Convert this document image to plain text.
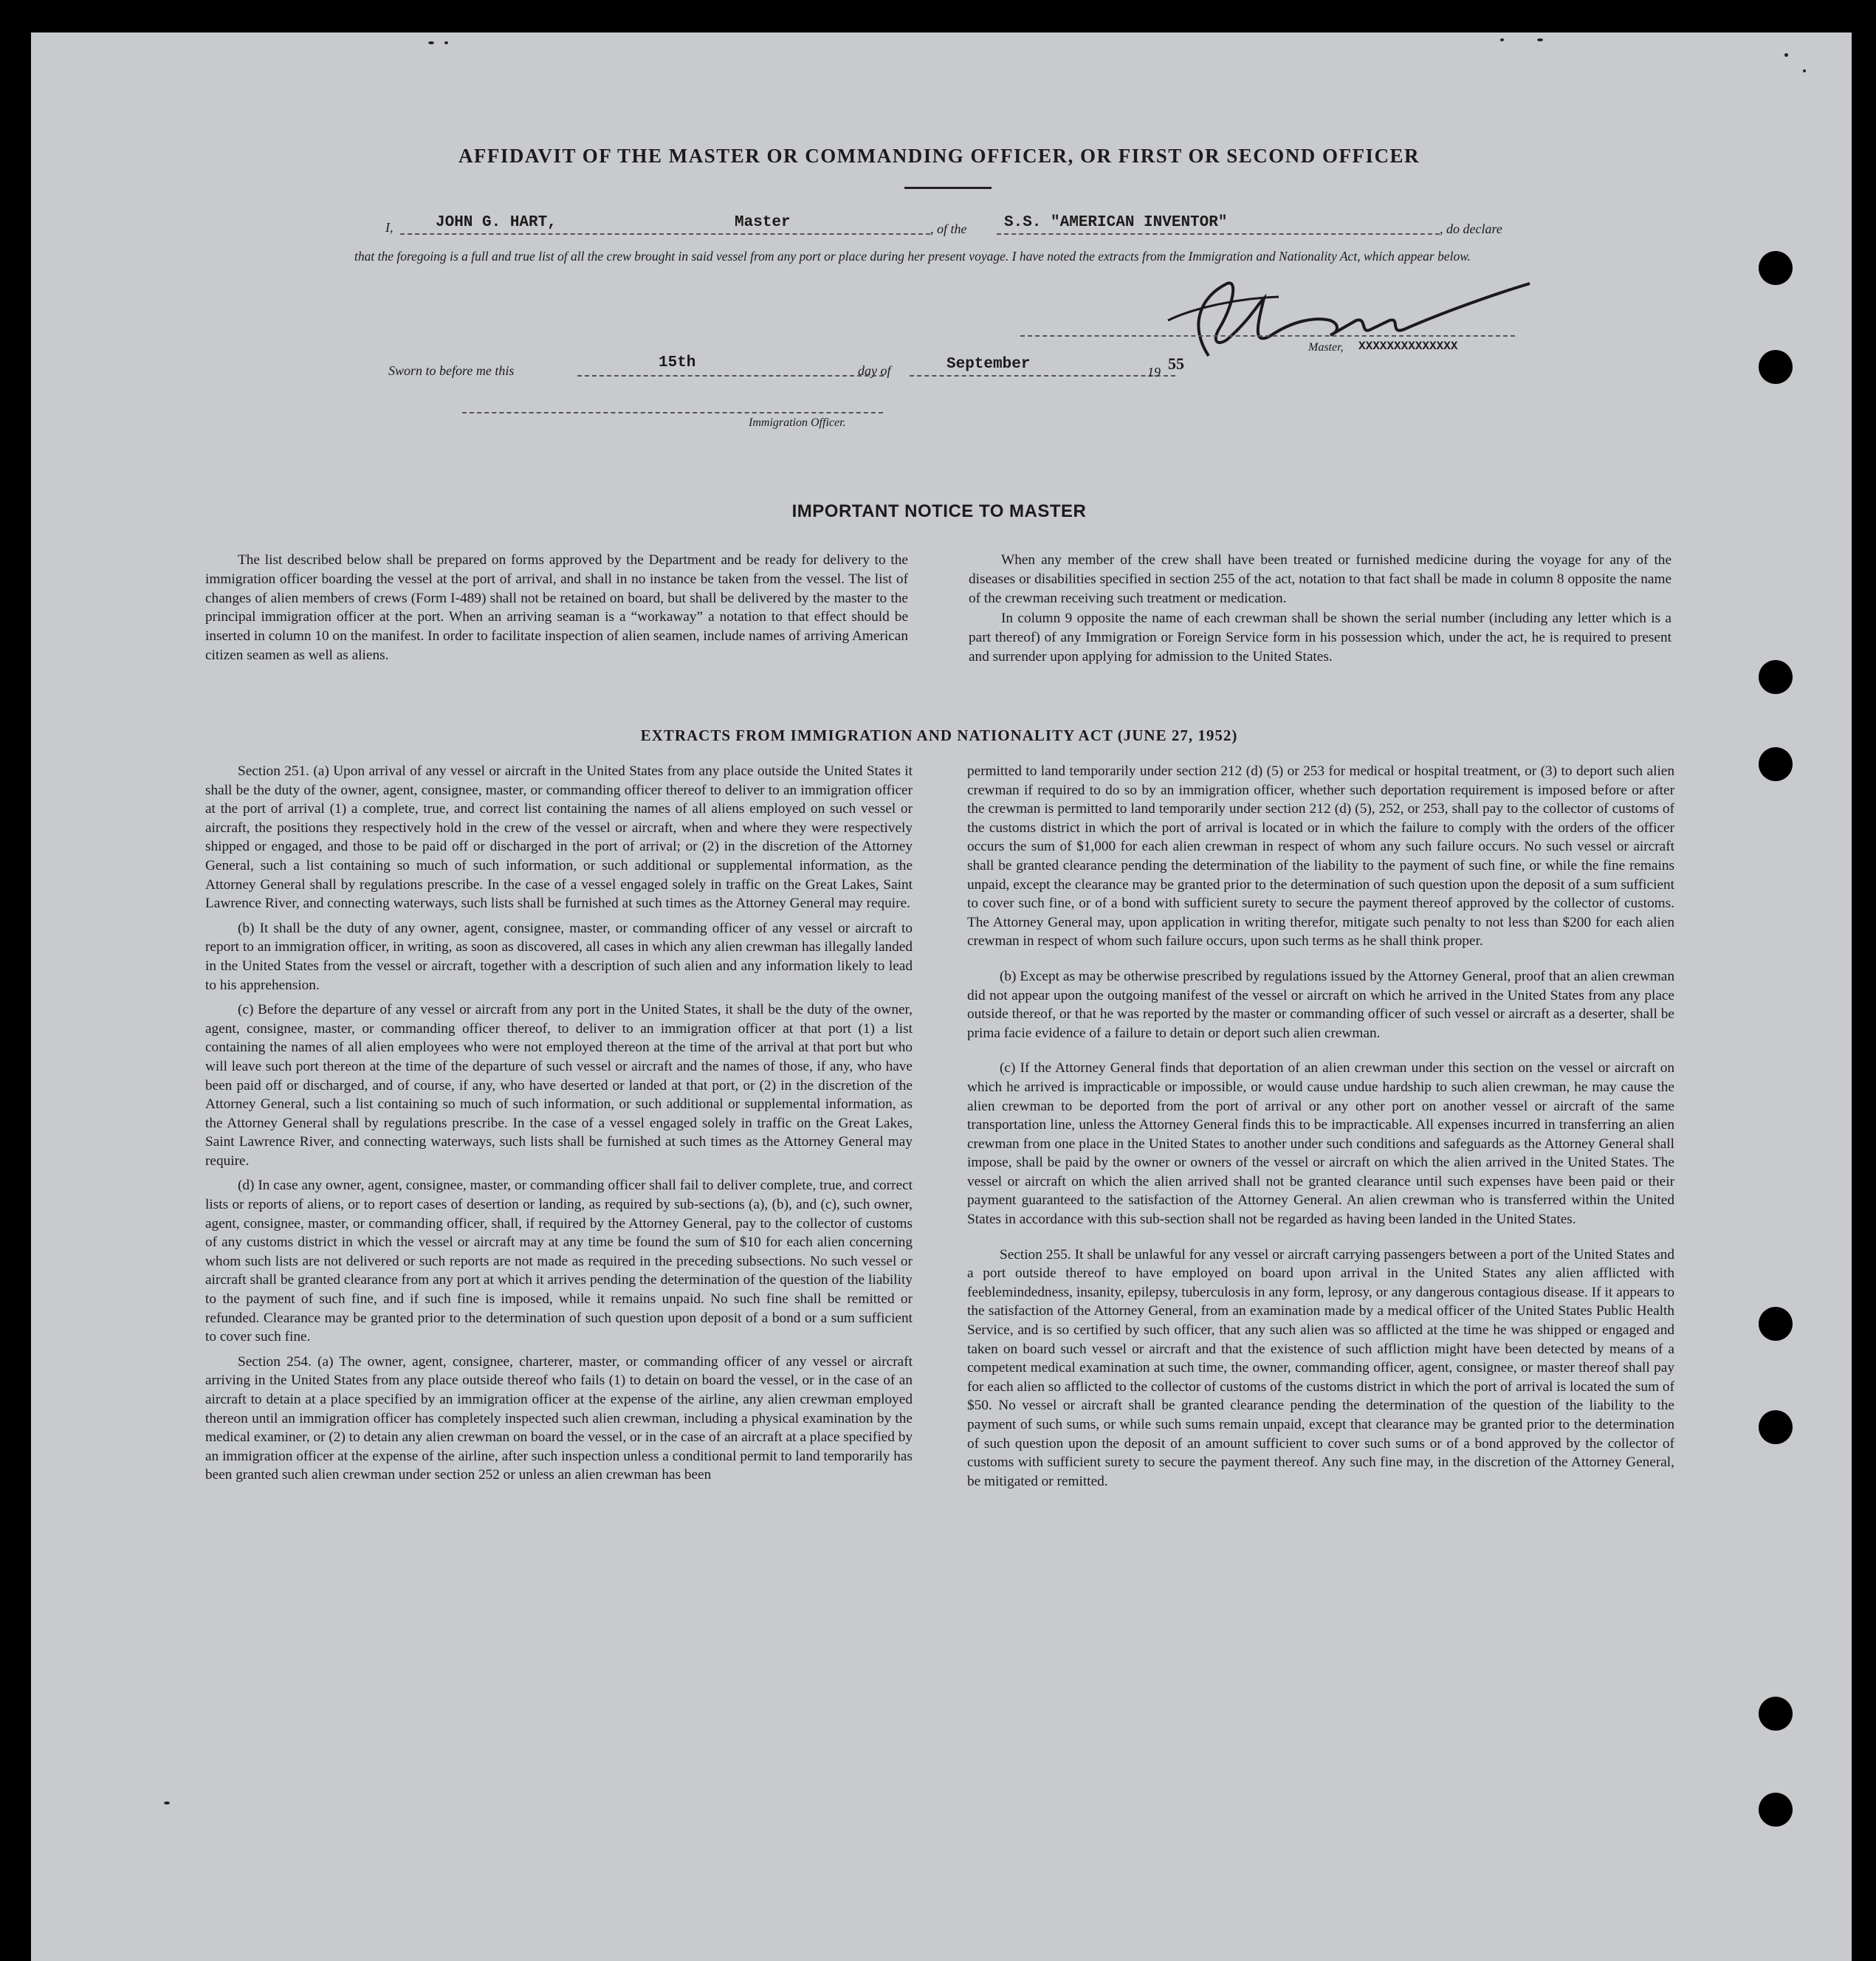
AFFIDAVIT OF THE MASTER OR COMMANDING OFFICER, OR FIRST OR SECOND OFFICER
I,	JOHN G. HART,	Master	, of the S.S. "AMERICAN INVENTOR"	, do declare
that the foregoing is a full and true list of all the crew brought in said vessel from any port or place during her present voyage. I have noted the extracts from the Immigration and Nationality Act, which appear below.
Master, XXXXXXXXXXXXXX
Sworn to before me this	15th	day of	September	19 55
Immigration Officer.
IMPORTANT NOTICE TO MASTER

The list described below shall be prepared on forms approved by the Department and be ready for delivery to the immigration officer boarding the vessel at the port of arrival, and shall in no instance be taken from the vessel. The list of changes of alien members of crews (Form I-489) shall not be retained on board, but shall be delivered by the master to the principal immigration officer at the port. When an arriving seaman is a “workaway” a notation to that effect should be inserted in column 10 on the manifest. In order to facilitate inspection of alien seamen, include names of arriving American citizen seamen as well as aliens.

When any member of the crew shall have been treated or furnished medicine during the voyage for any of the diseases or disabilities specified in section 255 of the act, notation to that fact shall be made in column 8 opposite the name of the crewman receiving such treatment or medication.

In column 9 opposite the name of each crewman shall be shown the serial number (including any letter which is a part thereof) of any Immigration or Foreign Service form in his possession which, under the act, he is required to present and surrender upon applying for admission to the United States.

EXTRACTS FROM IMMIGRATION AND NATIONALITY ACT (JUNE 27, 1952)

Section 251. (a) Upon arrival of any vessel or aircraft in the United States from any place outside the United States it shall be the duty of the owner, agent, consignee, master, or commanding officer thereof to deliver to an immigration officer at the port of arrival (1) a complete, true, and correct list containing the names of all aliens employed on such vessel or aircraft, the positions they respectively hold in the crew of the vessel or aircraft, when and where they were respectively shipped or engaged, and those to be paid off or discharged in the port of arrival; or (2) in the discretion of the Attorney General, such a list containing so much of such information, or such additional or supplemental information, as the Attorney General shall by regulations prescribe. In the case of a vessel engaged solely in traffic on the Great Lakes, Saint Lawrence River, and connecting waterways, such lists shall be furnished at such times as the Attorney General may require.

(b) It shall be the duty of any owner, agent, consignee, master, or commanding officer of any vessel or aircraft to report to an immigration officer, in writing, as soon as discovered, all cases in which any alien crewman has illegally landed in the United States from the vessel or aircraft, together with a description of such alien and any information likely to lead to his apprehension.

(c) Before the departure of any vessel or aircraft from any port in the United States, it shall be the duty of the owner, agent, consignee, master, or commanding officer thereof, to deliver to an immigration officer at that port (1) a list containing the names of all alien employees who were not employed thereon at the time of the arrival at that port but who will leave such port thereon at the time of the departure of such vessel or aircraft and the names of those, if any, who have been paid off or discharged, and of course, if any, who have deserted or landed at that port, or (2) in the discretion of the Attorney General, such a list containing so much of such information, or such additional or supplemental information, as the Attorney General shall by regulations prescribe. In the case of a vessel engaged solely in traffic on the Great Lakes, Saint Lawrence River, and connecting waterways, such lists shall be furnished at such times as the Attorney General may require.

(d) In case any owner, agent, consignee, master, or commanding officer shall fail to deliver complete, true, and correct lists or reports of aliens, or to report cases of desertion or landing, as required by sub-sections (a), (b), and (c), such owner, agent, consignee, master, or commanding officer, shall, if required by the Attorney General, pay to the collector of customs of any customs district in which the vessel or aircraft may at any time be found the sum of $10 for each alien concerning whom such lists are not delivered or such reports are not made as required in the preceding subsections. No such vessel or aircraft shall be granted clearance from any port at which it arrives pending the determination of the question of the liability to the payment of such fine, and if such fine is imposed, while it remains unpaid. No such fine shall be remitted or refunded. Clearance may be granted prior to the determination of such question upon deposit of a bond or a sum sufficient to cover such fine.

Section 254. (a) The owner, agent, consignee, charterer, master, or commanding officer of any vessel or aircraft arriving in the United States from any place outside thereof who fails (1) to detain on board the vessel, or in the case of an aircraft to detain at a place specified by an immigration officer at the expense of the airline, any alien crewman employed thereon until an immigration officer has completely inspected such alien crewman, including a physical examination by the medical examiner, or (2) to detain any alien crewman on board the vessel, or in the case of an aircraft at a place specified by an immigration officer at the expense of the airline, after such inspection unless a conditional permit to land temporarily has been granted such alien crewman under section 252 or unless an alien crewman has been

permitted to land temporarily under section 212 (d) (5) or 253 for medical or hospital treatment, or (3) to deport such alien crewman if required to do so by an immigration officer, whether such deportation requirement is imposed before or after the crewman is permitted to land temporarily under section 212 (d) (5), 252, or 253, shall pay to the collector of customs of the customs district in which the port of arrival is located or in which the failure to comply with the orders of the officer occurs the sum of $1,000 for each alien crewman in respect of whom any such failure occurs. No such vessel or aircraft shall be granted clearance pending the determination of the liability to the payment of such fine, or while the fine remains unpaid, except the clearance may be granted prior to the determination of such question upon the deposit of a sum sufficient to cover such fine, or of a bond with sufficient surety to secure the payment thereof approved by the collector of customs. The Attorney General may, upon application in writing therefor, mitigate such penalty to not less than $200 for each alien crewman in respect of whom such failure occurs, upon such terms as he shall think proper.

(b) Except as may be otherwise prescribed by regulations issued by the Attorney General, proof that an alien crewman did not appear upon the outgoing manifest of the vessel or aircraft on which he arrived in the United States from any place outside thereof, or that he was reported by the master or commanding officer of such vessel or aircraft as a deserter, shall be prima facie evidence of a failure to detain or deport such alien crewman.

(c) If the Attorney General finds that deportation of an alien crewman under this section on the vessel or aircraft on which he arrived is impracticable or impossible, or would cause undue hardship to such alien crewman, he may cause the alien crewman to be deported from the port of arrival or any other port on another vessel or aircraft of the same transportation line, unless the Attorney General finds this to be impracticable. All expenses incurred in transferring an alien crewman from one place in the United States to another under such conditions and safeguards as the Attorney General shall impose, shall be paid by the owner or owners of the vessel or aircraft on which the alien arrived in the United States. The vessel or aircraft on which the alien arrived shall not be granted clearance until such expenses have been paid or their payment guaranteed to the satisfaction of the Attorney General. An alien crewman who is transferred within the United States in accordance with this sub-section shall not be regarded as having been landed in the United States.

Section 255. It shall be unlawful for any vessel or aircraft carrying passengers between a port of the United States and a port outside thereof to have employed on board upon arrival in the United States any alien afflicted with feeblemindedness, insanity, epilepsy, tuberculosis in any form, leprosy, or any dangerous contagious disease. If it appears to the satisfaction of the Attorney General, from an examination made by a medical officer of the United States Public Health Service, and is so certified by such officer, that any such alien was so afflicted at the time he was shipped or engaged and taken on board such vessel or aircraft and that the existence of such affliction might have been detected by means of a competent medical examination at such time, the owner, commanding officer, agent, consignee, or master thereof shall pay for each alien so afflicted to the collector of customs of the customs district in which the port of arrival is located the sum of $50. No vessel or aircraft shall be granted clearance pending the determination of the question of the liability to the payment of such sums, or while such sums remain unpaid, except that clearance may be granted prior to the determination of such question upon the deposit of an amount sufficient to cover such sums or of a bond approved by the collector of customs with sufficient surety to secure the payment thereof. Any such fine may, in the discretion of the Attorney General, be mitigated or remitted.
